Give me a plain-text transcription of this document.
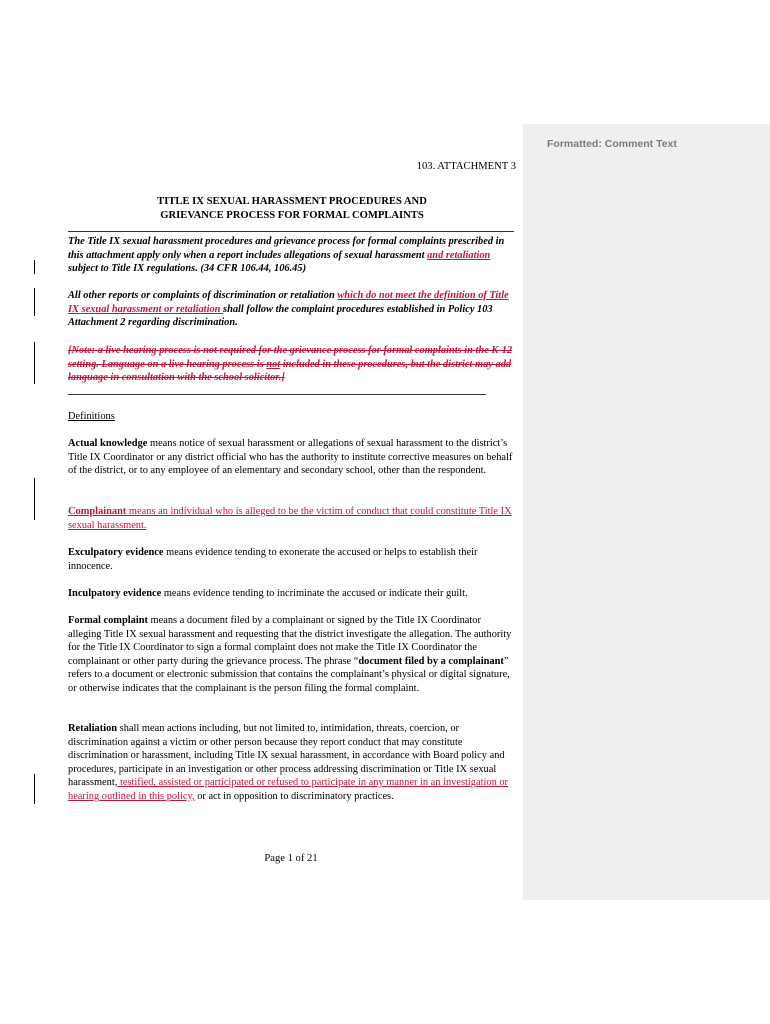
Formatted: Comment Text
103. ATTACHMENT 3
TITLE IX SEXUAL HARASSMENT PROCEDURES AND
GRIEVANCE PROCESS FOR FORMAL COMPLAINTS
The Title IX sexual harassment procedures and grievance process for formal complaints prescribed in this attachment apply only when a report includes allegations of sexual harassment and retaliation subject to Title IX regulations. (34 CFR 106.44, 106.45)
All other reports or complaints of discrimination or retaliation which do not meet the definition of Title IX sexual harassment or retaliation shall follow the complaint procedures established in Policy 103 Attachment 2 regarding discrimination.
[Note: a live hearing process is not required for the grievance process for formal complaints in the K-12 setting. Language on a live hearing process is not included in these procedures, but the district may add language in consultation with the school solicitor.]
Definitions
Actual knowledge means notice of sexual harassment or allegations of sexual harassment to the district’s Title IX Coordinator or any district official who has the authority to institute corrective measures on behalf of the district, or to any employee of an elementary and secondary school, other than the respondent.
Complainant means an individual who is alleged to be the victim of conduct that could constitute Title IX sexual harassment.
Exculpatory evidence means evidence tending to exonerate the accused or helps to establish their innocence.
Inculpatory evidence means evidence tending to incriminate the accused or indicate their guilt.
Formal complaint means a document filed by a complainant or signed by the Title IX Coordinator alleging Title IX sexual harassment and requesting that the district investigate the allegation. The authority for the Title IX Coordinator to sign a formal complaint does not make the Title IX Coordinator the complainant or other party during the grievance process. The phrase “document filed by a complainant” refers to a document or electronic submission that contains the complainant’s physical or digital signature, or otherwise indicates that the complainant is the person filing the formal complaint.
Retaliation shall mean actions including, but not limited to, intimidation, threats, coercion, or discrimination against a victim or other person because they report conduct that may constitute discrimination or harassment, including Title IX sexual harassment, in accordance with Board policy and procedures, participate in an investigation or other process addressing discrimination or Title IX sexual harassment, testified, assisted or participated or refused to participate in any manner in an investigation or hearing outlined in this policy, or act in opposition to discriminatory practices.
Page 1 of 21
